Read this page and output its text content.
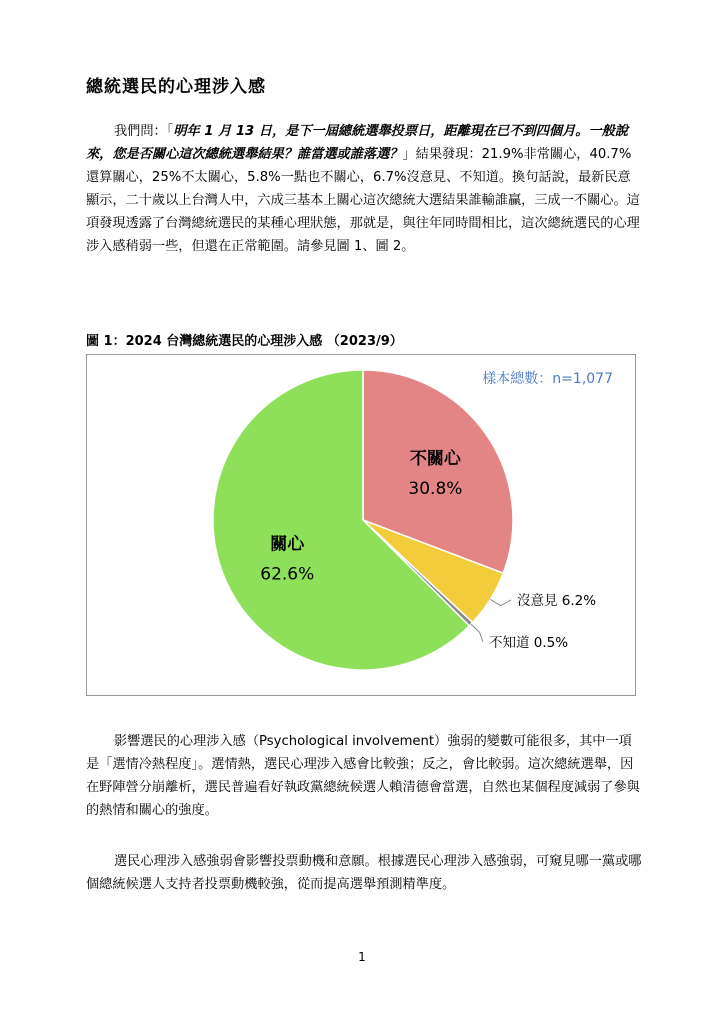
總統選民的心理涉入感
我們問：「明年 1 月 13 日，是下一屆總統選舉投票日，距離現在已不到四個月。一般說來，您是否關心這次總統選舉結果？誰當選或誰落選？」結果發現：21.9%非常關心，40.7%還算關心，25%不太關心，5.8%一點也不關心，6.7%沒意見、不知道。換句話說，最新民意顯示，二十歲以上台灣人中，六成三基本上關心這次總統大選結果誰輸誰贏，三成一不關心。這項發現透露了台灣總統選民的某種心理狀態，那就是，與往年同時間相比，這次總統選民的心理涉入感稍弱一些，但還在正常範圍。請參見圖 1、圖 2。
圖 1：2024 台灣總統選民的心理涉入感 （2023/9）
不關心
30.8%
關心
62.6%
沒意見 6.2%
不知道 0.5%
樣本總數：n=1,077
影響選民的心理涉入感（Psychological involvement）強弱的變數可能很多，其中一項是「選情冷熱程度」。選情熱，選民心理涉入感會比較強；反之，會比較弱。這次總統選舉，因在野陣營分崩離析，選民普遍看好執政黨總統候選人賴清德會當選，自然也某個程度減弱了參與的熱情和關心的強度。
選民心理涉入感強弱會影響投票動機和意願。根據選民心理涉入感強弱，可窺見哪一黨或哪個總統候選人支持者投票動機較強，從而提高選舉預測精準度。
1
